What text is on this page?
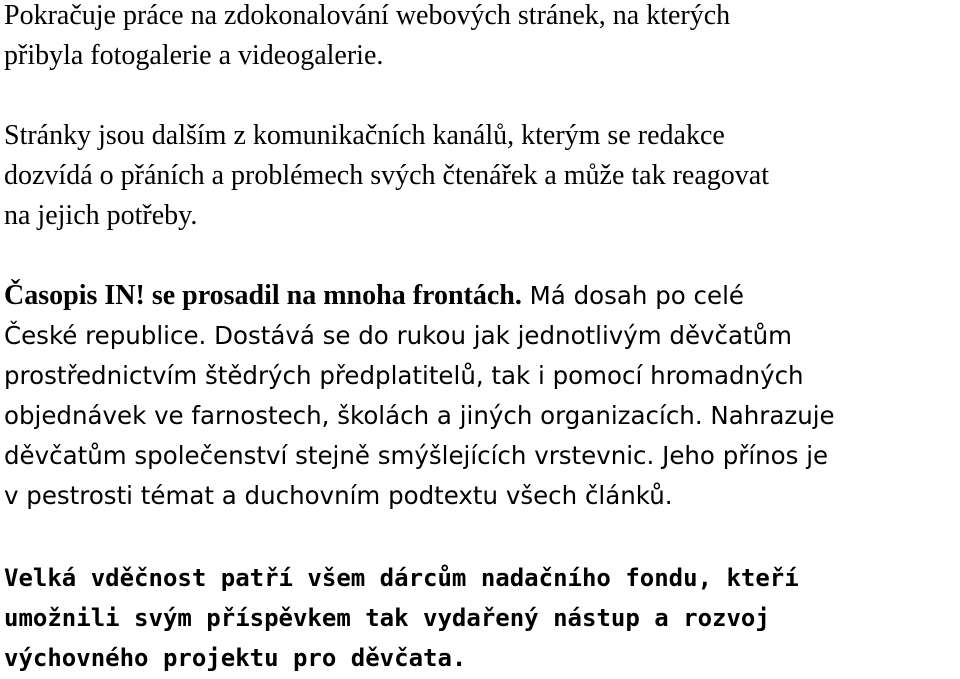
Pokračuje práce na zdokonalování webových stránek, na kterých
přibyla fotogalerie a videogalerie.
Stránky jsou dalším z komunikačních kanálů, kterým se redakce
dozvídá o přáních a problémech svých čtenářek a může tak reagovat
na jejich potřeby.
Časopis IN! se prosadil na mnoha frontách. Má dosah po celé
České republice. Dostává se do rukou jak jednotlivým děvčatům
prostřednictvím štědrých předplatitelů, tak i pomocí hromadných
objednávek ve farnostech, školách a jiných organizacích. Nahrazuje
děvčatům společenství stejně smýšlejících vrstevnic. Jeho přínos je
v pestrosti témat a duchovním podtextu všech článků.
Velká vděčnost patří všem dárcům nadačního fondu, kteří
umožnili svým příspěvkem tak vydařený nástup a rozvoj
výchovného projektu pro děvčata.
